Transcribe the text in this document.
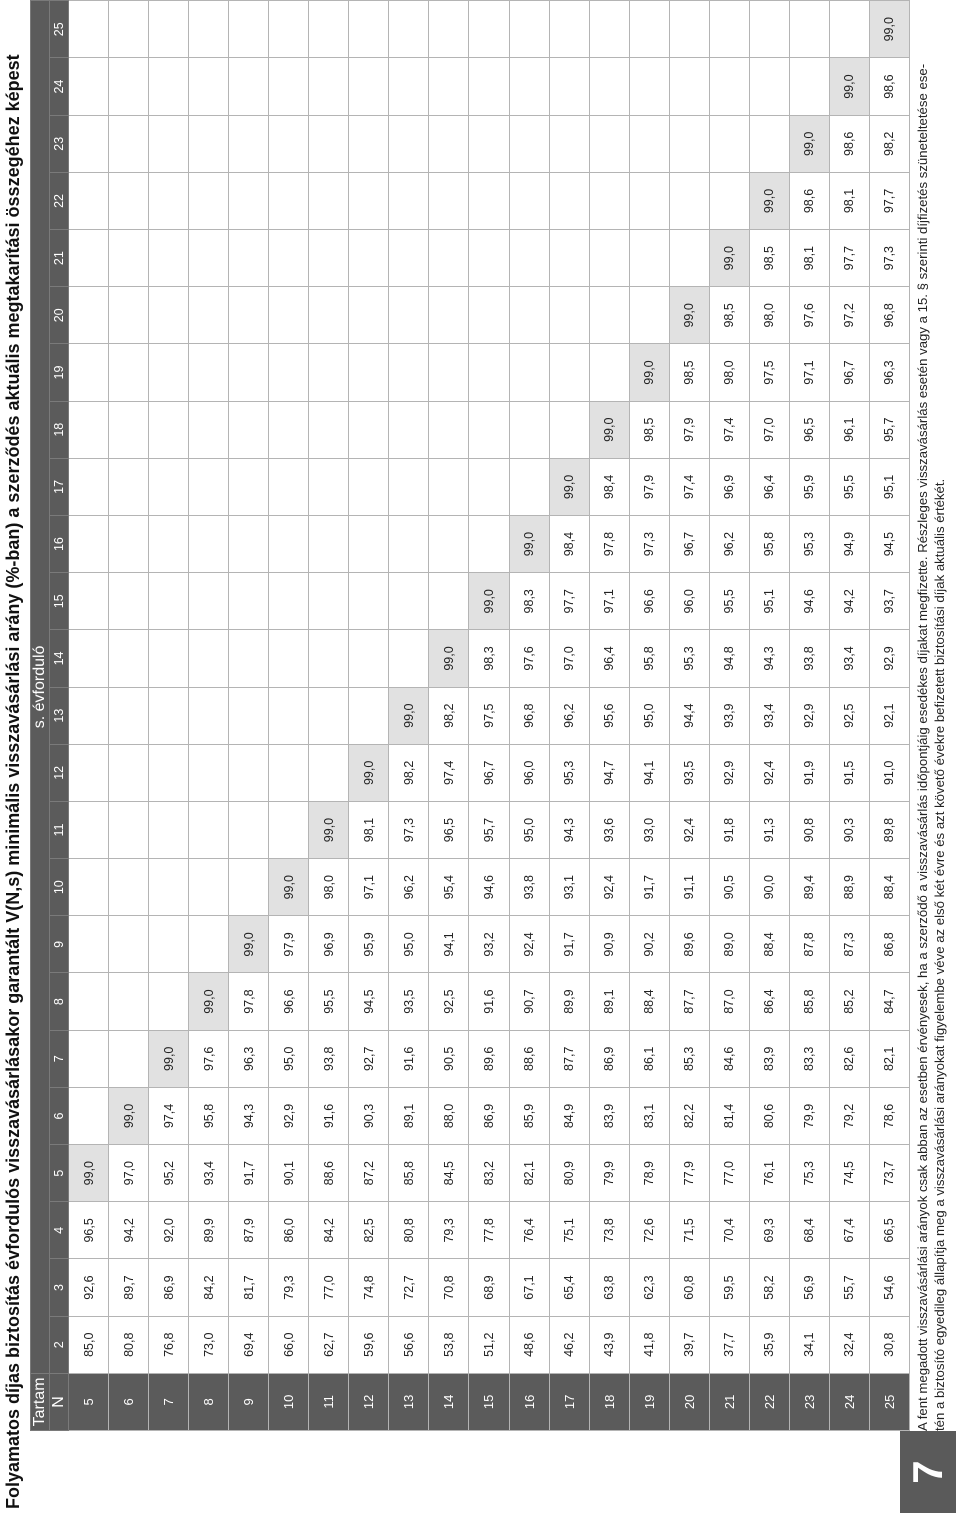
Folyamatos díjas biztosítás évfordulós visszavásárlásakor garantált V(N,s) minimális visszavásárlási arány (%-ban) a szerződés aktuális megtakarítási összegéhez képest Tartam	s. évforduló																							
N	2	3	4	5	6	7	8	9	10	11	12	13	14	15	16	17	18	19	20	21	22	23	24	25
5	85,0	92,6	96,5	99,0																				
6	80,8	89,7	94,2	97,0	99,0																			
7	76,8	86,9	92,0	95,2	97,4	99,0																		
8	73,0	84,2	89,9	93,4	95,8	97,6	99,0																	
9	69,4	81,7	87,9	91,7	94,3	96,3	97,8	99,0																
10	66,0	79,3	86,0	90,1	92,9	95,0	96,6	97,9	99,0															
11	62,7	77,0	84,2	88,6	91,6	93,8	95,5	96,9	98,0	99,0														
12	59,6	74,8	82,5	87,2	90,3	92,7	94,5	95,9	97,1	98,1	99,0													
13	56,6	72,7	80,8	85,8	89,1	91,6	93,5	95,0	96,2	97,3	98,2	99,0												
14	53,8	70,8	79,3	84,5	88,0	90,5	92,5	94,1	95,4	96,5	97,4	98,2	99,0											
15	51,2	68,9	77,8	83,2	86,9	89,6	91,6	93,2	94,6	95,7	96,7	97,5	98,3	99,0										
16	48,6	67,1	76,4	82,1	85,9	88,6	90,7	92,4	93,8	95,0	96,0	96,8	97,6	98,3	99,0									
17	46,2	65,4	75,1	80,9	84,9	87,7	89,9	91,7	93,1	94,3	95,3	96,2	97,0	97,7	98,4	99,0								
18	43,9	63,8	73,8	79,9	83,9	86,9	89,1	90,9	92,4	93,6	94,7	95,6	96,4	97,1	97,8	98,4	99,0							
19	41,8	62,3	72,6	78,9	83,1	86,1	88,4	90,2	91,7	93,0	94,1	95,0	95,8	96,6	97,3	97,9	98,5	99,0						
20	39,7	60,8	71,5	77,9	82,2	85,3	87,7	89,6	91,1	92,4	93,5	94,4	95,3	96,0	96,7	97,4	97,9	98,5	99,0					
21	37,7	59,5	70,4	77,0	81,4	84,6	87,0	89,0	90,5	91,8	92,9	93,9	94,8	95,5	96,2	96,9	97,4	98,0	98,5	99,0				
22	35,9	58,2	69,3	76,1	80,6	83,9	86,4	88,4	90,0	91,3	92,4	93,4	94,3	95,1	95,8	96,4	97,0	97,5	98,0	98,5	99,0			
23	34,1	56,9	68,4	75,3	79,9	83,3	85,8	87,8	89,4	90,8	91,9	92,9	93,8	94,6	95,3	95,9	96,5	97,1	97,6	98,1	98,6	99,0		
24	32,4	55,7	67,4	74,5	79,2	82,6	85,2	87,3	88,9	90,3	91,5	92,5	93,4	94,2	94,9	95,5	96,1	96,7	97,2	97,7	98,1	98,6	99,0	
25	30,8	54,6	66,5	73,7	78,6	82,1	84,7	86,8	88,4	89,8	91,0	92,1	92,9	93,7	94,5	95,1	95,7	96,3	96,8	97,3	97,7	98,2	98,6	99,0
A fent megadott visszavásárlási arányok csak abban az esetben érvényesek, ha a szerződő a visszavásárlás időpontjáig esedékes díjakat megfizette. Részleges visszavásárlás esetén vagy a 15. § szerinti díjfizetés szüneteltetése ese- tén a biztosító egyedileg állapítja meg a visszavásárlási arányokat figyelembe véve az első két évre és azt követő évekre befizetett biztosítási díjak aktuális értékét.
7
